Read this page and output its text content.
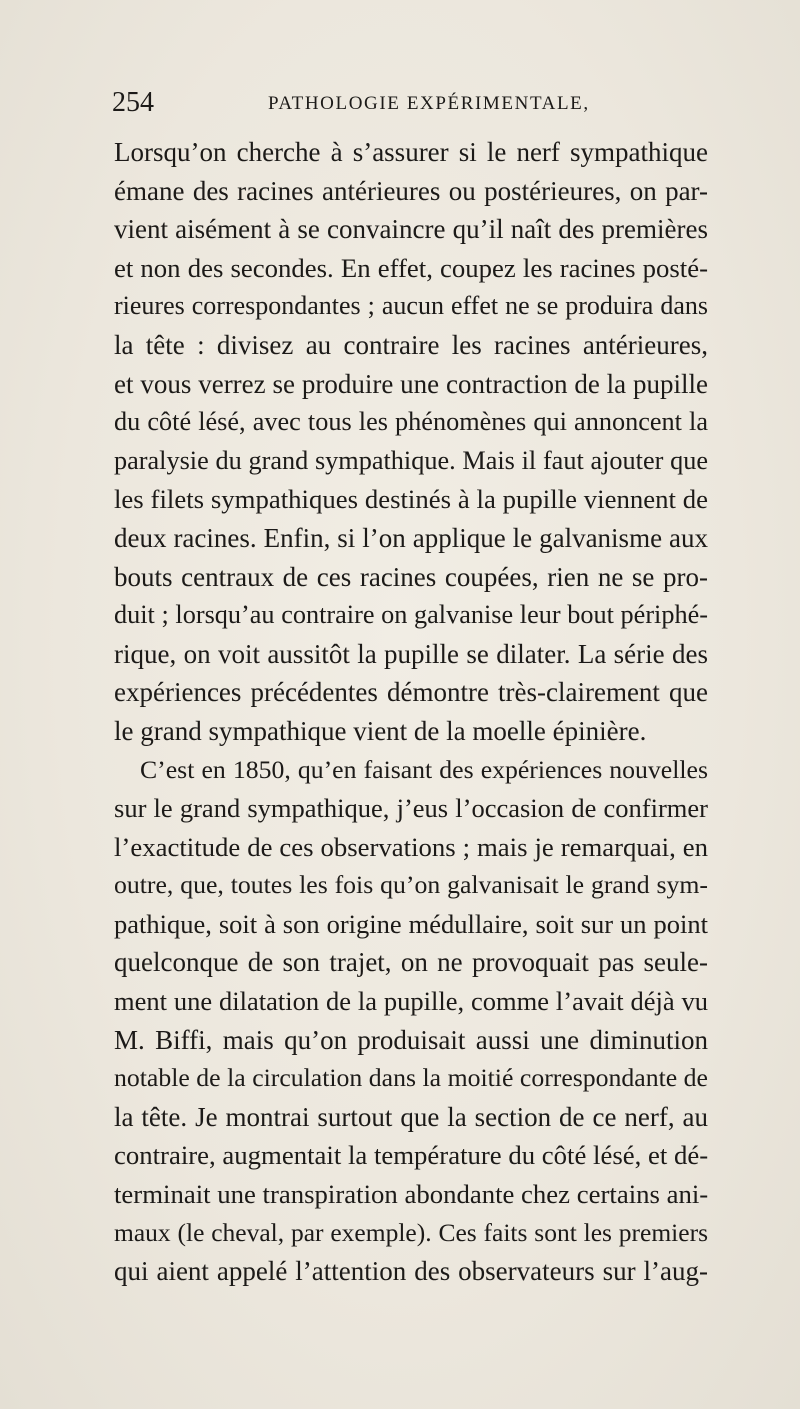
254	PATHOLOGIE EXPÉRIMENTALE,
Lorsqu’on cherche à s’assurer si le nerf sympathique
émane des racines antérieures ou postérieures, on par-
vient aisément à se convaincre qu’il naît des premières
et non des secondes. En effet, coupez les racines posté-
rieures correspondantes ; aucun effet ne se produira dans
la tête : divisez au contraire les racines antérieures,
et vous verrez se produire une contraction de la pupille
du côté lésé, avec tous les phénomènes qui annoncent la
paralysie du grand sympathique. Mais il faut ajouter que
les filets sympathiques destinés à la pupille viennent de
deux racines. Enfin, si l’on applique le galvanisme aux
bouts centraux de ces racines coupées, rien ne se pro-
duit ; lorsqu’au contraire on galvanise leur bout périphé-
rique, on voit aussitôt la pupille se dilater. La série des
expériences précédentes démontre très-clairement que
le grand sympathique vient de la moelle épinière.
C’est en 1850, qu’en faisant des expériences nouvelles
sur le grand sympathique, j’eus l’occasion de confirmer
l’exactitude de ces observations ; mais je remarquai, en
outre, que, toutes les fois qu’on galvanisait le grand sym-
pathique, soit à son origine médullaire, soit sur un point
quelconque de son trajet, on ne provoquait pas seule-
ment une dilatation de la pupille, comme l’avait déjà vu
M. Biffi, mais qu’on produisait aussi une diminution
notable de la circulation dans la moitié correspondante de
la tête. Je montrai surtout que la section de ce nerf, au
contraire, augmentait la température du côté lésé, et dé-
terminait une transpiration abondante chez certains ani-
maux (le cheval, par exemple). Ces faits sont les premiers
qui aient appelé l’attention des observateurs sur l’aug-
